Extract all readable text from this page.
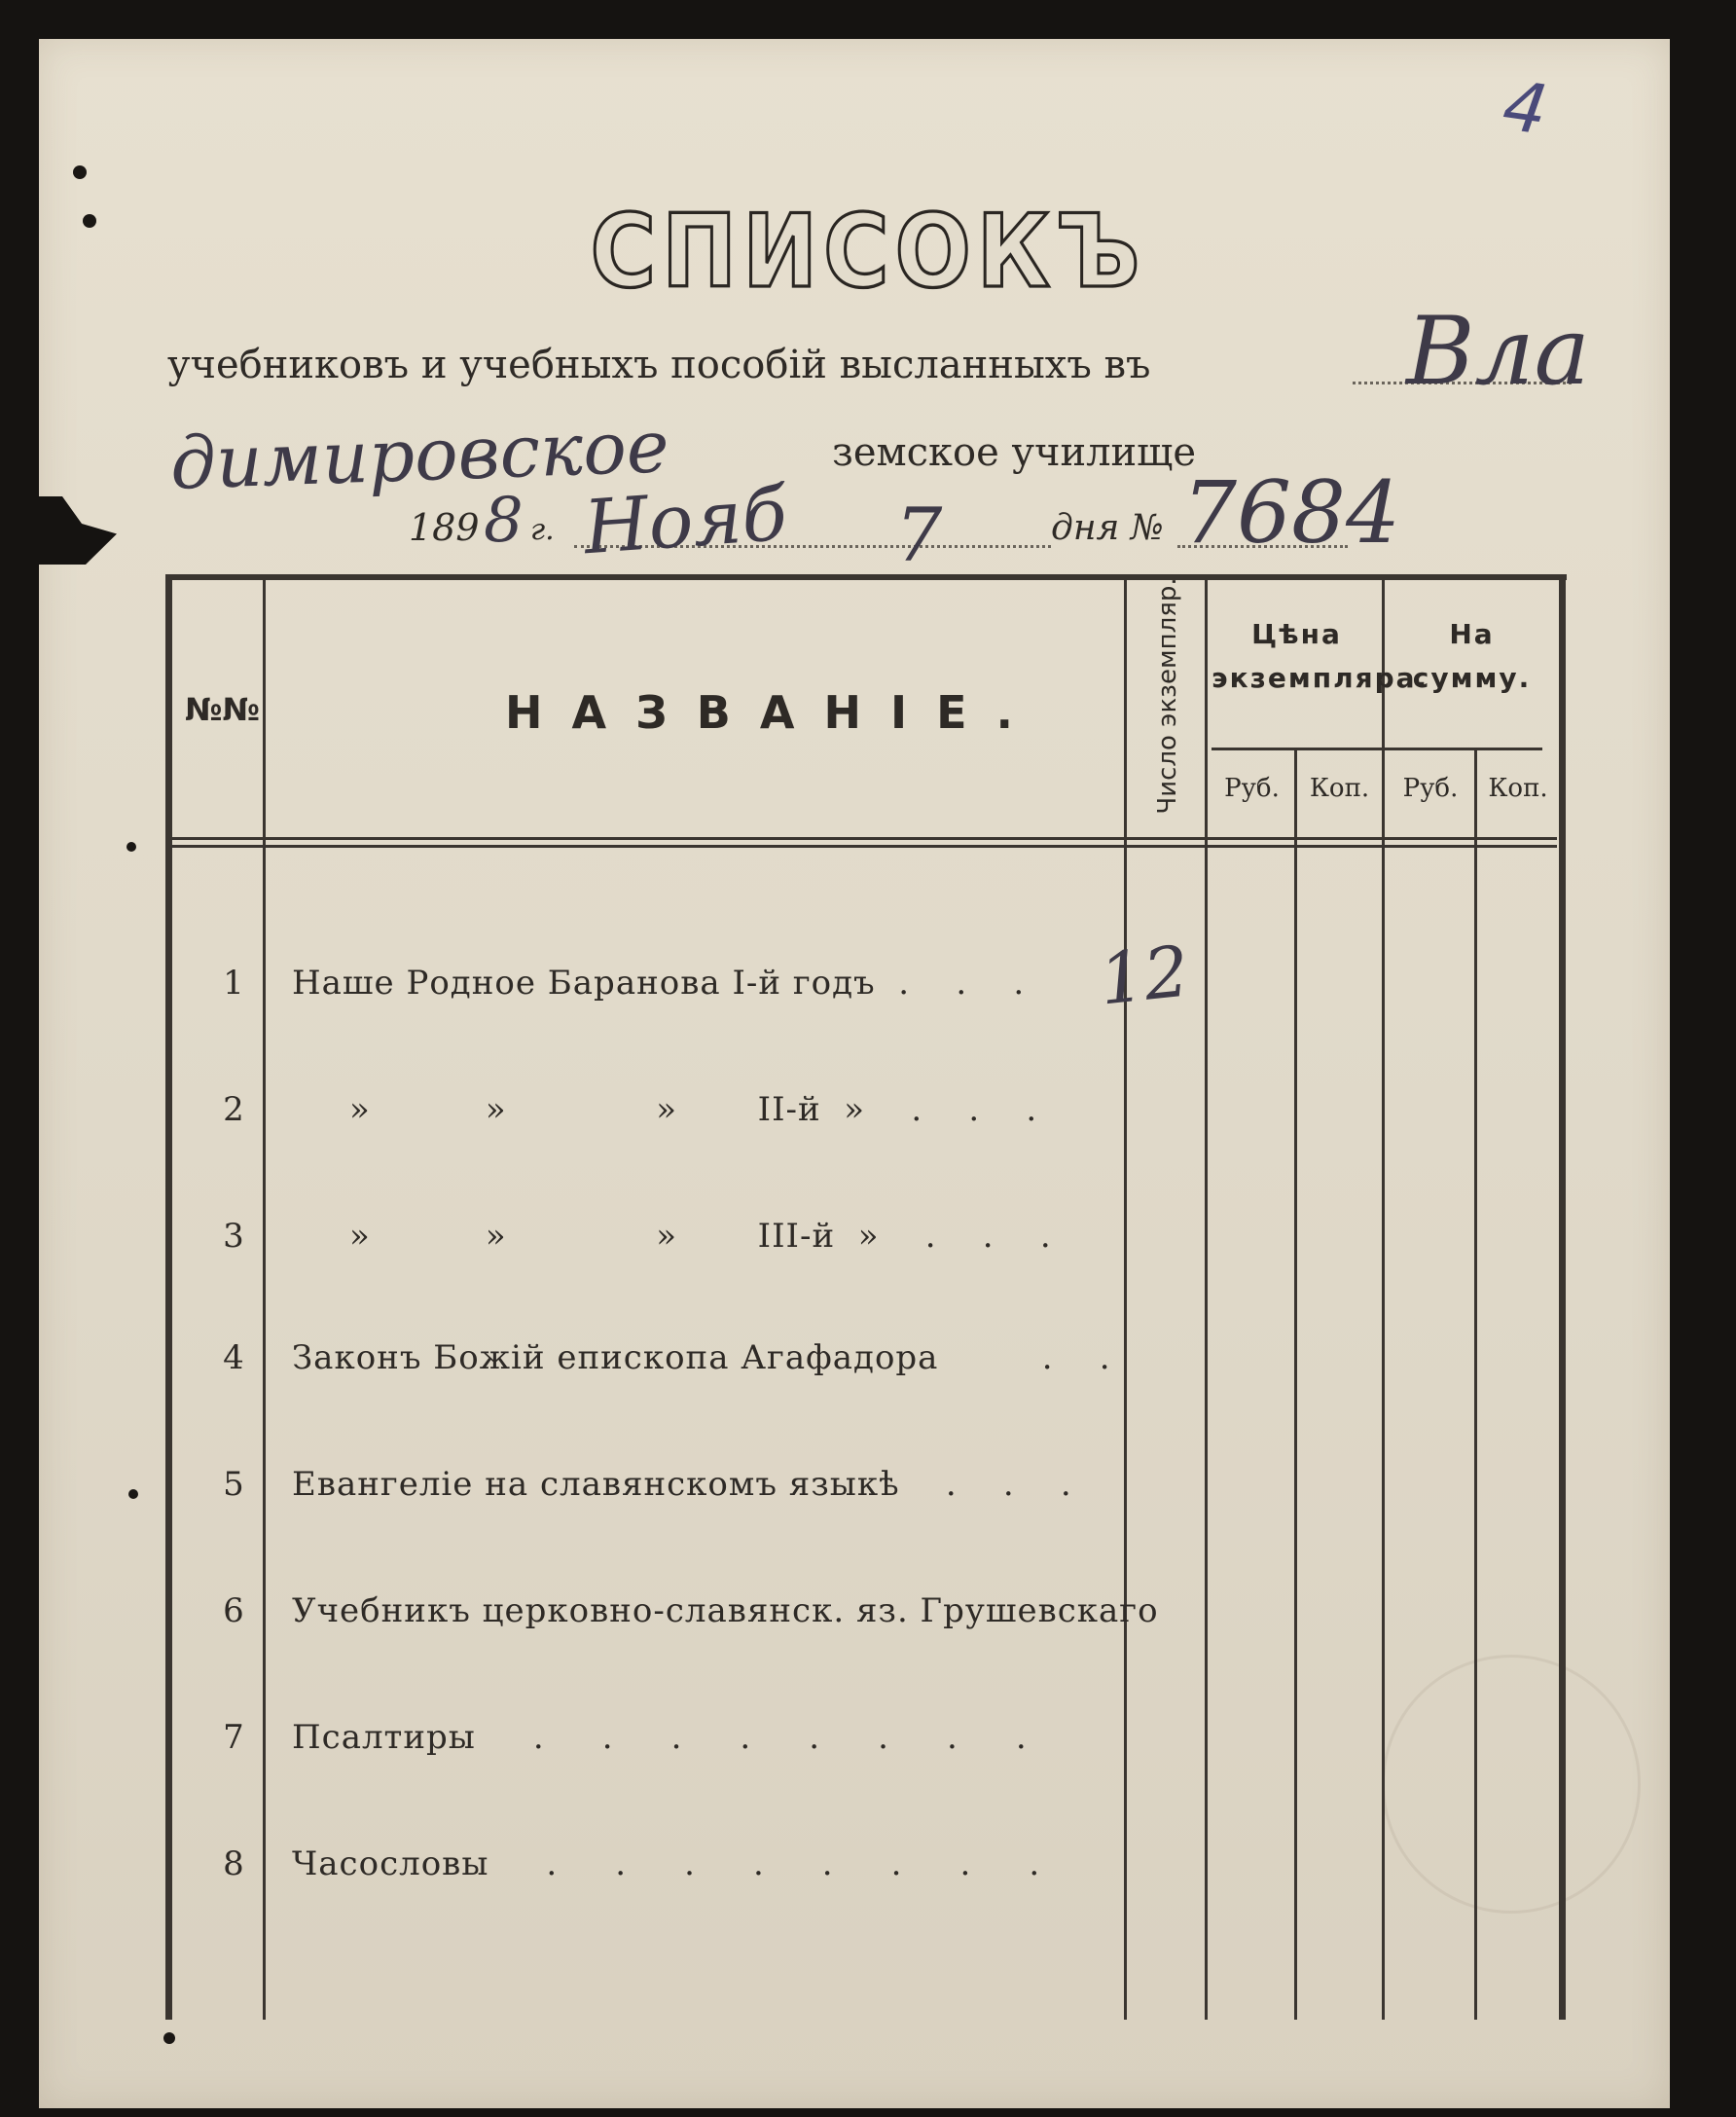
4
СПИСОКЪ
учебниковъ и учебныхъ пособій высланныхъ въ	Вла
димировское	земское училище
189 8 г. Нояб 7	дня № 7684
№№	НАЗВАНІЕ.	Число экземпляр.	Цѣна экземпляра.
На сумму.
Руб.	Коп.	Руб.	Коп.
1	Наше Родное Баранова I-й годъ  .    .    . 12
2	»          »             »       II-й  »    .    .    .
3	»          »             »       III-й  »    .    .    .
4	Законъ Божій епископа Агафадора         .    .
5	Евангеліе на славянскомъ языкѣ    .    .    .
6	Учебникъ церковно-славянск. яз. Грушевскаго
7	Псалтиры     .     .     .     .     .     .     .     .
8	Часословы     .     .     .     .     .     .     .     .
